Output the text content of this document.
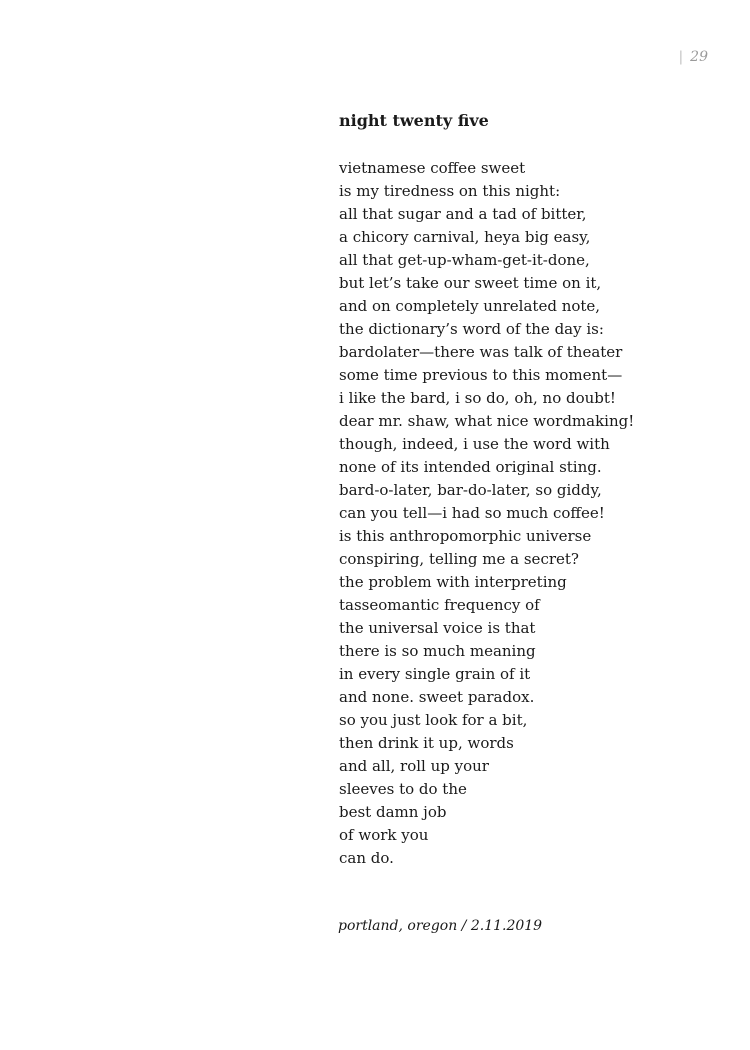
| 29
night twenty five
vietnamese coffee sweet
is my tiredness on this night:
all that sugar and a tad of bitter,
a chicory carnival, heya big easy,
all that get-up-wham-get-it-done,
but let’s take our sweet time on it,
and on completely unrelated note,
the dictionary’s word of the day is:
bardolater—there was talk of theater
some time previous to this moment—
i like the bard, i so do, oh, no doubt!
dear mr. shaw, what nice wordmaking!
though, indeed, i use the word with
none of its intended original sting.
bard-o-later, bar-do-later, so giddy,
can you tell—i had so much coffee!
is this anthropomorphic universe
conspiring, telling me a secret?
the problem with interpreting
tasseomantic frequency of
the universal voice is that
there is so much meaning
in every single grain of it
and none. sweet paradox.
so you just look for a bit,
then drink it up, words
and all, roll up your
sleeves to do the
best damn job
of work you
can do.
portland, oregon / 2.11.2019
